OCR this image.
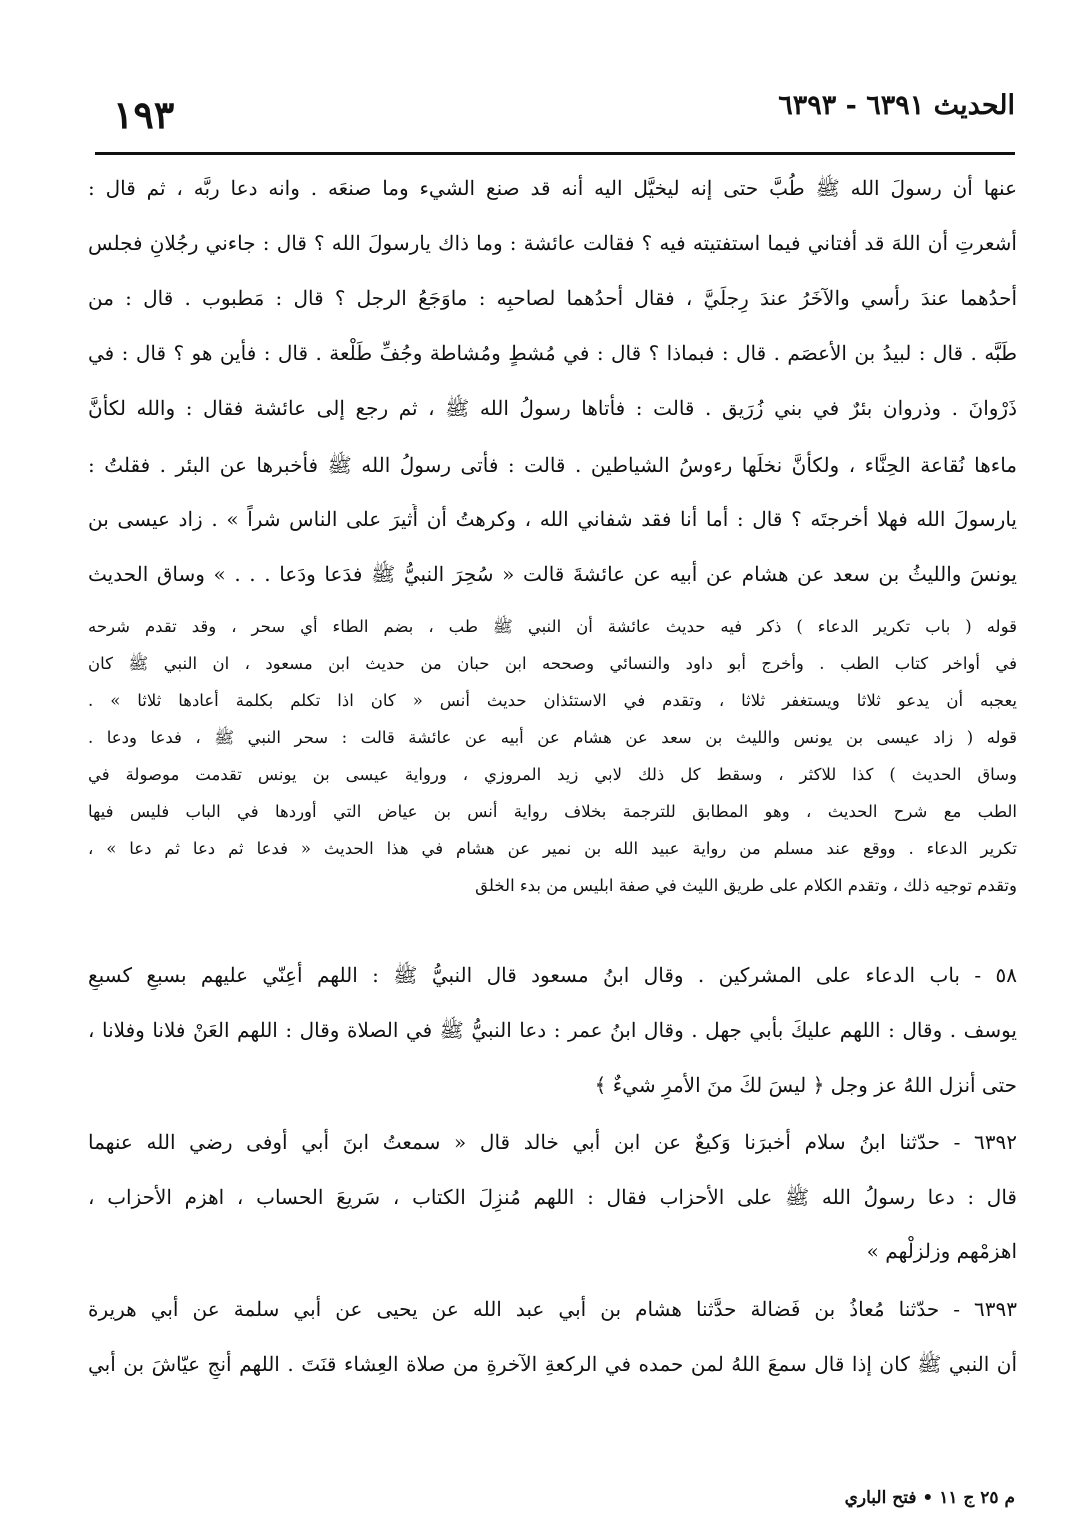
الحديث ٦٣٩١ - ٦٣٩٣
١٩٣
عنها أن رسولَ الله ﷺ طُبَّ حتى إنه ليخيَّل اليه أنه قد صنع الشيء وما صنعَه . وانه دعا ربَّه ، ثم قال :
أشعرتِ أن اللهَ قد أفتاني فيما استفتيته فيه ؟ فقالت عائشة : وما ذاك يارسولَ الله ؟ قال : جاءني رجُلانِ فجلس
أحدُهما عندَ رأسي والآخَرُ عندَ رِجلَيَّ ، فقال أحدُهما لصاحبِه : ماوَجَعُ الرجل ؟ قال : مَطبوب . قال : من
طَبَّه . قال : لبيدُ بن الأعصَم . قال : فبماذا ؟ قال : في مُشطٍ ومُشاطة وجُفِّ طَلْعة . قال : فأين هو ؟ قال : في
ذَرْوانَ . وذروان بئرٌ في بني زُرَيق . قالت : فأتاها رسولُ الله ﷺ ، ثم رجع إلى عائشة فقال : والله لكأنَّ
ماءها نُقاعة الحِنَّاء ، ولكأنَّ نخلَها رءوسُ الشياطين . قالت : فأتى رسولُ الله ﷺ فأخبرها عن البئر . فقلتُ :
يارسولَ الله فهلا أخرجتَه ؟ قال : أما أنا فقد شفاني الله ، وكرهتُ أن أُثيرَ على الناس شراً » . زاد عيسى بن
يونسَ والليثُ بن سعد عن هشام عن أبيه عن عائشةَ قالت « سُحِرَ النبيُّ ﷺ فدَعا ودَعا . . . » وساق الحديث
قوله ( باب تكرير الدعاء ) ذكر فيه حديث عائشة أن النبي ﷺ طب ، بضم الطاء أي سحر ، وقد تقدم شرحه
في أواخر كتاب الطب . وأخرج أبو داود والنسائي وصححه ابن حبان من حديث ابن مسعود ، ان النبي ﷺ كان
يعجبه أن يدعو ثلاثا ويستغفر ثلاثا ، وتقدم في الاستئذان حديث أنس « كان اذا تكلم بكلمة أعادها ثلاثا » .
قوله ( زاد عيسى بن يونس والليث بن سعد عن هشام عن أبيه عن عائشة قالت : سحر النبي ﷺ ، فدعا ودعا .
وساق الحديث ) كذا للاكثر ، وسقط كل ذلك لابي زيد المروزي ، ورواية عيسى بن يونس تقدمت موصولة في
الطب مع شرح الحديث ، وهو المطابق للترجمة بخلاف رواية أنس بن عياض التي أوردها في الباب فليس فيها
تكرير الدعاء . ووقع عند مسلم من رواية عبيد الله بن نمير عن هشام في هذا الحديث « فدعا ثم دعا ثم دعا » ،
وتقدم توجيه ذلك ، وتقدم الكلام على طريق الليث في صفة ابليس من بدء الخلق
٥٨ - باب الدعاء على المشركين . وقال ابنُ مسعود قال النبيُّ ﷺ : اللهم أعِنّي عليهم بسبعٍ كسبعِ
يوسف . وقال : اللهم عليكَ بأبي جهل . وقال ابنُ عمر : دعا النبيُّ ﷺ في الصلاة وقال : اللهم العَنْ فلانا وفلانا ،
حتى أنزل اللهُ عز وجل ﴿ ليسَ لكَ منَ الأمرِ شيءٌ ﴾
٦٣٩٢ - حدّثنا ابنُ سلام أخبرَنا وَكيعٌ عن ابن أبي خالد قال « سمعتُ ابنَ أبي أوفى رضي الله عنهما
قال : دعا رسولُ الله ﷺ على الأحزاب فقال : اللهم مُنزِلَ الكتاب ، سَريعَ الحساب ، اهزم الأحزاب ،
اهزمْهم وزلزلْهم »
٦٣٩٣ - حدّثنا مُعاذُ بن فَضالة حدَّثنا هشام بن أبي عبد الله عن يحيى عن أبي سلمة عن أبي هريرة
أن النبي ﷺ كان إذا قال سمعَ اللهُ لمن حمده في الركعةِ الآخرةِ من صلاة العِشاء قنَتَ . اللهم أنجِ عيّاشَ بن أبي
م ٢٥ ج ١١ • فتح الباري
